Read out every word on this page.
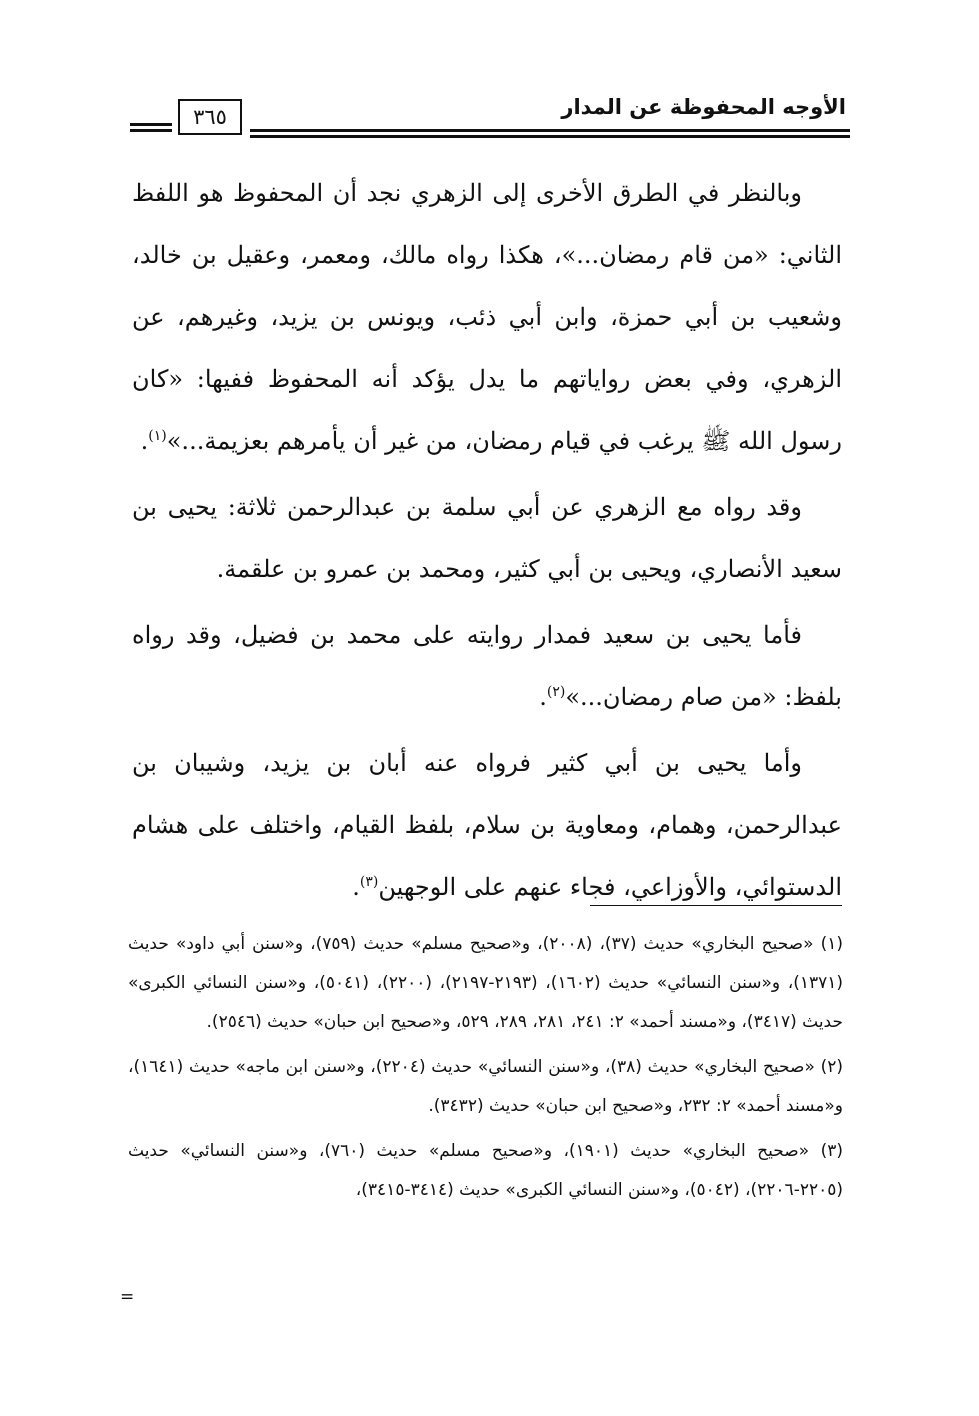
الأوجه المحفوظة عن المدار
٣٦٥

وبالنظر في الطرق الأخرى إلى الزهري نجد أن المحفوظ هو اللفظ الثاني: «من قام رمضان...»، هكذا رواه مالك، ومعمر، وعقيل بن خالد، وشعيب بن أبي حمزة، وابن أبي ذئب، ويونس بن يزيد، وغيرهم، عن الزهري، وفي بعض رواياتهم ما يدل يؤكد أنه المحفوظ ففيها: «كان رسول الله ﷺ يرغب في قيام رمضان، من غير أن يأمرهم بعزيمة...»$^{(١)}$.

وقد رواه مع الزهري عن أبي سلمة بن عبدالرحمن ثلاثة: يحيى بن سعيد الأنصاري، ويحيى بن أبي كثير، ومحمد بن عمرو بن علقمة.

فأما يحيى بن سعيد فمدار روايته على محمد بن فضيل، وقد رواه بلفظ: «من صام رمضان...»$^{(٢)}$.

وأما يحيى بن أبي كثير فرواه عنه أبان بن يزيد، وشيبان بن عبدالرحمن، وهمام، ومعاوية بن سلام، بلفظ القيام، واختلف على هشام الدستوائي، والأوزاعي، فجاء عنهم على الوجهين$^{(٣)}$.

(١) «صحيح البخاري» حديث (٣٧)، (٢٠٠٨)، و«صحيح مسلم» حديث (٧٥٩)، و«سنن أبي داود» حديث (١٣٧١)، و«سنن النسائي» حديث (١٦٠٢)، (٢١٩٣-٢١٩٧)، (٢٢٠٠)، (٥٠٤١)، و«سنن النسائي الكبرى» حديث (٣٤١٧)، و«مسند أحمد» ٢: ٢٤١، ٢٨١، ٢٨٩، ٥٢٩، و«صحيح ابن حبان» حديث (٢٥٤٦).

(٢) «صحيح البخاري» حديث (٣٨)، و«سنن النسائي» حديث (٢٢٠٤)، و«سنن ابن ماجه» حديث (١٦٤١)، و«مسند أحمد» ٢: ٢٣٢، و«صحيح ابن حبان» حديث (٣٤٣٢).

(٣) «صحيح البخاري» حديث (١٩٠١)، و«صحيح مسلم» حديث (٧٦٠)، و«سنن النسائي» حديث (٢٢٠٥-٢٢٠٦)، (٥٠٤٢)، و«سنن النسائي الكبرى» حديث (٣٤١٤-٣٤١٥)،

=
